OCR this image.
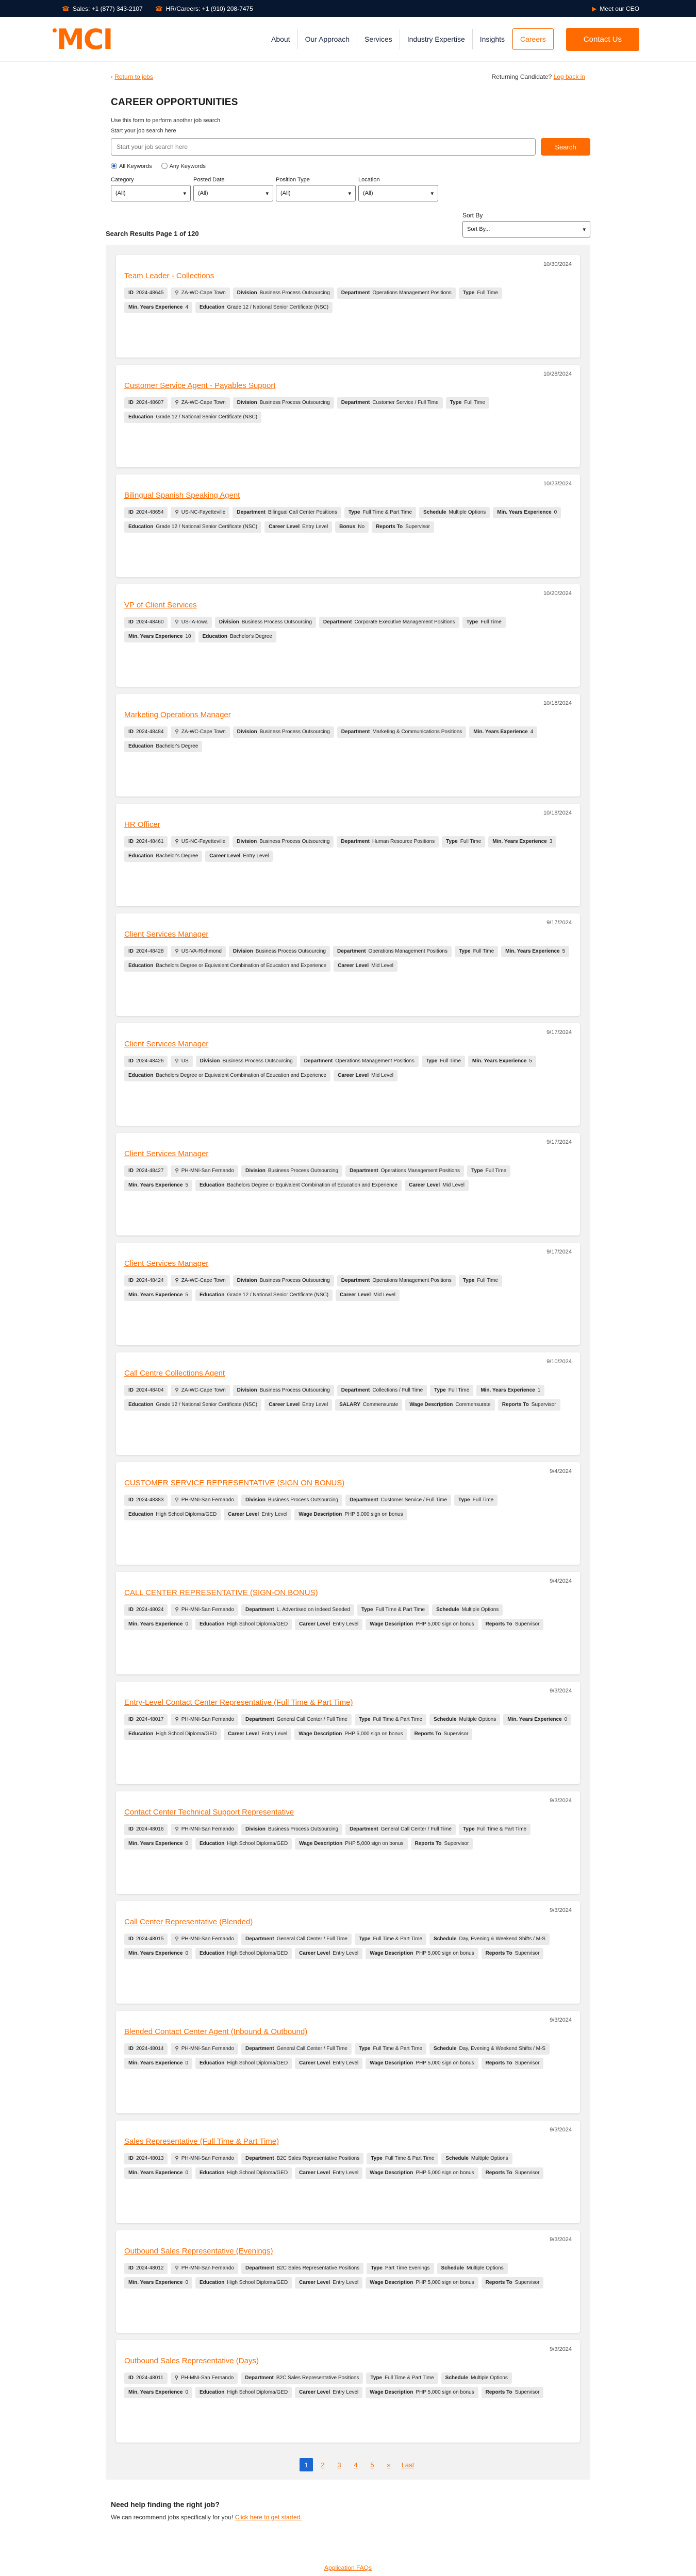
☎ Sales: +1 (877) 343-2107 ☎ HR/Careers: +1 (910) 208-7475	▶ Meet our CEO
MCI	About	Our Approach	Services	Industry Expertise	Insights	Careers	Contact Us
‹ Return to jobs	Returning Candidate? Log back in
CAREER OPPORTUNITIES
Use this form to perform another job search
Start your job search here
Start your job search here
Search
All Keywords	Any Keywords
Category
(All)	▾
Posted Date
(All)	▾
Position Type
(All)	▾
Location
(All)	▾
Search Results Page 1 of 120
Sort By
Sort By...	▾
10/30/2024
Team Leader - Collections
ID 2024-48645 ⚲ ZA-WC-Cape Town Division Business Process Outsourcing Department Operations Management Positions Type Full Time
Min. Years Experience 4 Education Grade 12 / National Senior Certificate (NSC)
10/28/2024
Customer Service Agent - Payables Support
ID 2024-48607 ⚲ ZA-WC-Cape Town Division Business Process Outsourcing Department Customer Service / Full Time Type Full Time
Education Grade 12 / National Senior Certificate (NSC)
10/23/2024
Bilingual Spanish Speaking Agent
ID 2024-48654 ⚲ US-NC-Fayetteville Department Bilingual Call Center Positions Type Full Time & Part Time Schedule Multiple Options Min. Years Experience 0
Education Grade 12 / National Senior Certificate (NSC) Career Level Entry Level Bonus No Reports To Supervisor
10/20/2024
VP of Client Services
ID 2024-48460 ⚲ US-IA-Iowa Division Business Process Outsourcing Department Corporate Executive Management Positions Type Full Time
Min. Years Experience 10 Education Bachelor's Degree
10/18/2024
Marketing Operations Manager
ID 2024-48484 ⚲ ZA-WC-Cape Town Division Business Process Outsourcing Department Marketing & Communications Positions Min. Years Experience 4
Education Bachelor's Degree
10/18/2024
HR Officer
ID 2024-48461 ⚲ US-NC-Fayetteville Division Business Process Outsourcing Department Human Resource Positions Type Full Time Min. Years Experience 3
Education Bachelor's Degree Career Level Entry Level
9/17/2024
Client Services Manager
ID 2024-48428 ⚲ US-VA-Richmond Division Business Process Outsourcing Department Operations Management Positions Type Full Time Min. Years Experience 5
Education Bachelors Degree or Equivalent Combination of Education and Experience Career Level Mid Level
9/17/2024
Client Services Manager
ID 2024-48426 ⚲ US Division Business Process Outsourcing Department Operations Management Positions Type Full Time Min. Years Experience 5
Education Bachelors Degree or Equivalent Combination of Education and Experience Career Level Mid Level
9/17/2024
Client Services Manager
ID 2024-48427 ⚲ PH-MNI-San Fernando Division Business Process Outsourcing Department Operations Management Positions Type Full Time
Min. Years Experience 5 Education Bachelors Degree or Equivalent Combination of Education and Experience Career Level Mid Level
9/17/2024
Client Services Manager
ID 2024-48424 ⚲ ZA-WC-Cape Town Division Business Process Outsourcing Department Operations Management Positions Type Full Time
Min. Years Experience 5 Education Grade 12 / National Senior Certificate (NSC) Career Level Mid Level
9/10/2024
Call Centre Collections Agent
ID 2024-48404 ⚲ ZA-WC-Cape Town Division Business Process Outsourcing Department Collections / Full Time Type Full Time Min. Years Experience 1
Education Grade 12 / National Senior Certificate (NSC) Career Level Entry Level SALARY Commensurate Wage Description Commensurate Reports To Supervisor
9/4/2024
CUSTOMER SERVICE REPRESENTATIVE (SIGN ON BONUS)
ID 2024-48383 ⚲ PH-MNI-San Fernando Division Business Process Outsourcing Department Customer Service / Full Time Type Full Time
Education High School Diploma/GED Career Level Entry Level Wage Description PHP 5,000 sign on bonus
9/4/2024
CALL CENTER REPRESENTATIVE (SIGN-ON BONUS)
ID 2024-48024 ⚲ PH-MNI-San Fernando Department L. Advertised on Indeed Seeded Type Full Time & Part Time Schedule Multiple Options
Min. Years Experience 0 Education High School Diploma/GED Career Level Entry Level Wage Description PHP 5,000 sign on bonus Reports To Supervisor
9/3/2024
Entry-Level Contact Center Representative (Full Time & Part Time)
ID 2024-48017 ⚲ PH-MNI-San Fernando Department General Call Center / Full Time Type Full Time & Part Time Schedule Multiple Options Min. Years Experience 0
Education High School Diploma/GED Career Level Entry Level Wage Description PHP 5,000 sign on bonus Reports To Supervisor
9/3/2024
Contact Center Technical Support Representative
ID 2024-48016 ⚲ PH-MNI-San Fernando Division Business Process Outsourcing Department General Call Center / Full Time Type Full Time & Part Time
Min. Years Experience 0 Education High School Diploma/GED Wage Description PHP 5,000 sign on bonus Reports To Supervisor
9/3/2024
Call Center Representative (Blended)
ID 2024-48015 ⚲ PH-MNI-San Fernando Department General Call Center / Full Time Type Full Time & Part Time Schedule Day, Evening & Weekend Shifts / M-S
Min. Years Experience 0 Education High School Diploma/GED Career Level Entry Level Wage Description PHP 5,000 sign on bonus Reports To Supervisor
9/3/2024
Blended Contact Center Agent (Inbound & Outbound)
ID 2024-48014 ⚲ PH-MNI-San Fernando Department General Call Center / Full Time Type Full Time & Part Time Schedule Day, Evening & Weekend Shifts / M-S
Min. Years Experience 0 Education High School Diploma/GED Career Level Entry Level Wage Description PHP 5,000 sign on bonus Reports To Supervisor
9/3/2024
Sales Representative (Full Time & Part Time)
ID 2024-48013 ⚲ PH-MNI-San Fernando Department B2C Sales Representative Positions Type Full Time & Part Time Schedule Multiple Options
Min. Years Experience 0 Education High School Diploma/GED Career Level Entry Level Wage Description PHP 5,000 sign on bonus Reports To Supervisor
9/3/2024
Outbound Sales Representative (Evenings)
ID 2024-48012 ⚲ PH-MNI-San Fernando Department B2C Sales Representative Positions Type Part Time Evenings Schedule Multiple Options
Min. Years Experience 0 Education High School Diploma/GED Career Level Entry Level Wage Description PHP 5,000 sign on bonus Reports To Supervisor
9/3/2024
Outbound Sales Representative (Days)
ID 2024-48011 ⚲ PH-MNI-San Fernando Department B2C Sales Representative Positions Type Full Time & Part Time Schedule Multiple Options
Min. Years Experience 0 Education High School Diploma/GED Career Level Entry Level Wage Description PHP 5,000 sign on bonus Reports To Supervisor
1	2	3	4	5	»	Last
Need help finding the right job?
We can recommend jobs specifically for you! Click here to get started.
Application FAQs
